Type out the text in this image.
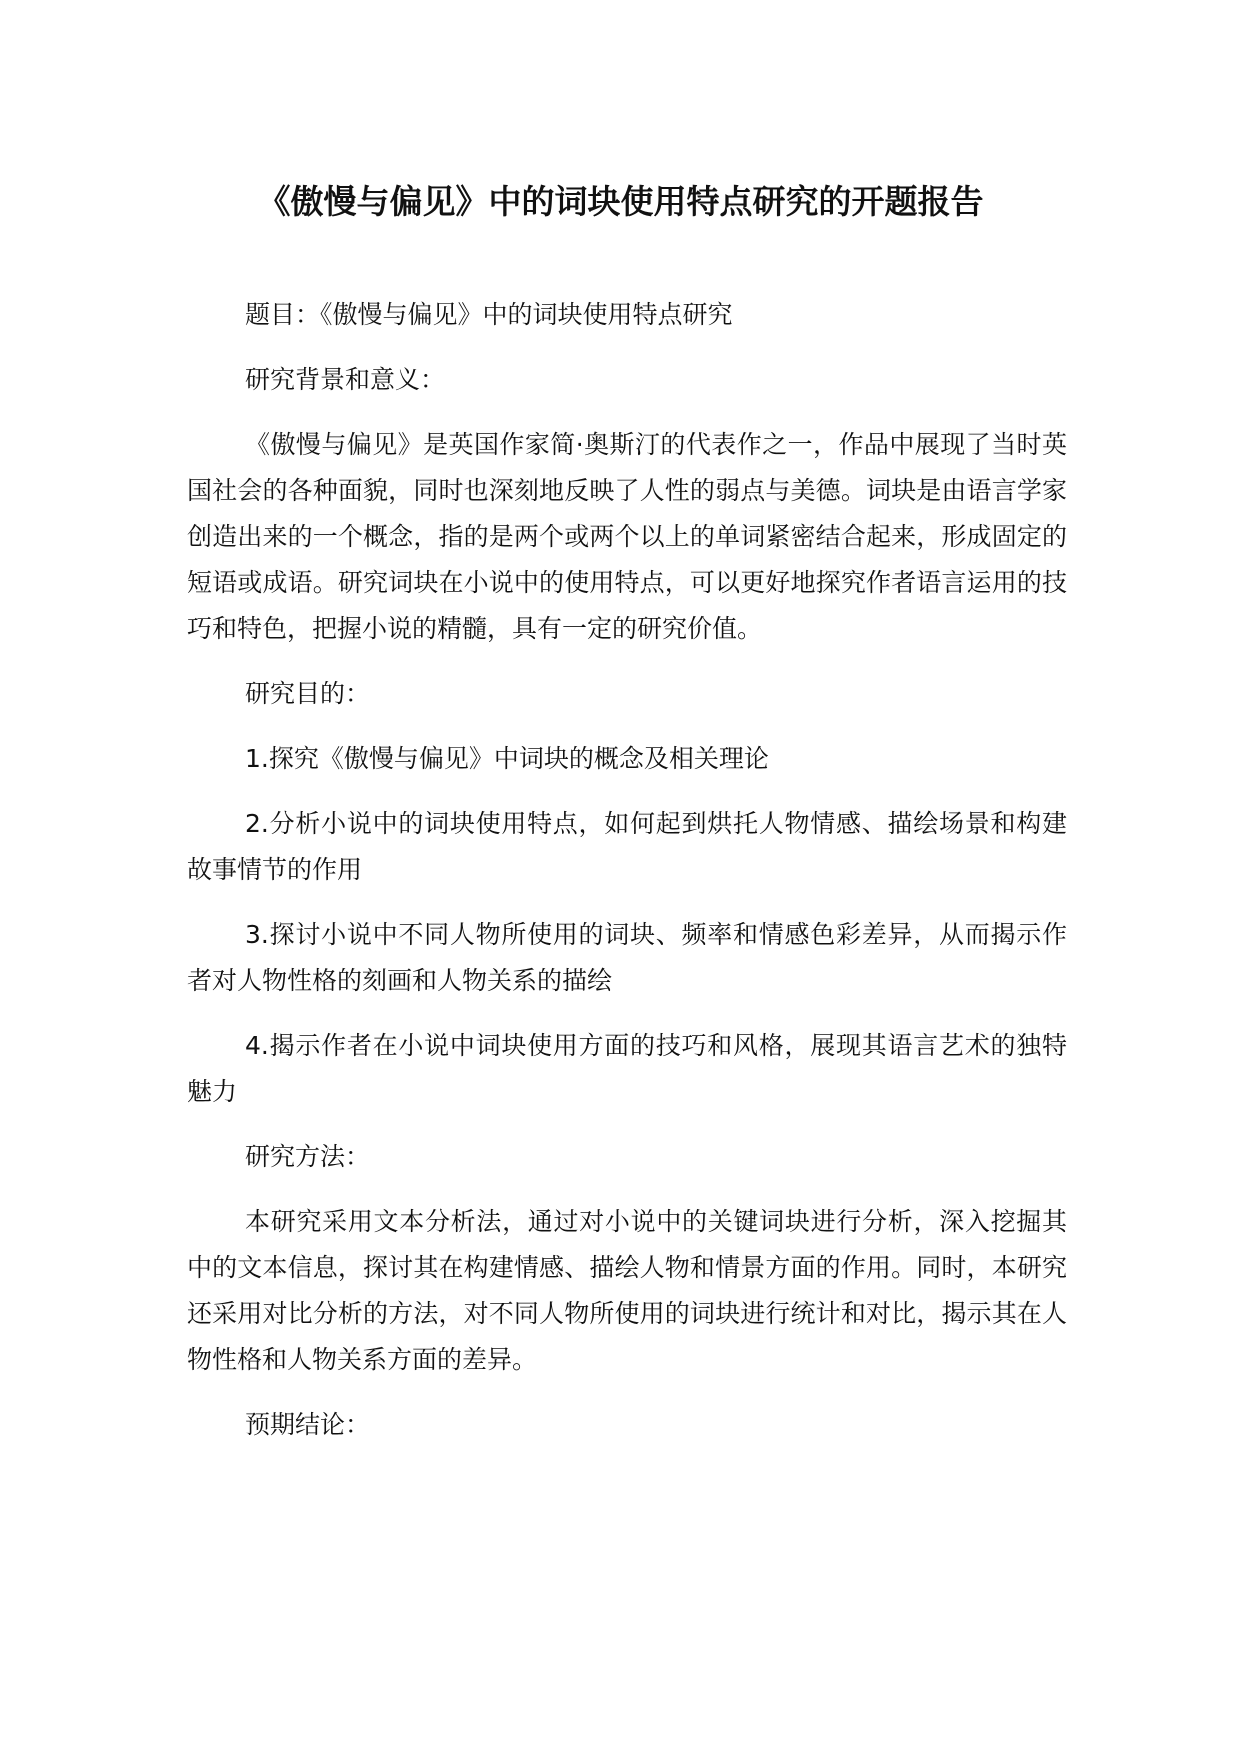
《傲慢与偏见》中的词块使用特点研究的开题报告

题目：《傲慢与偏见》中的词块使用特点研究

研究背景和意义：

《傲慢与偏见》是英国作家简·奥斯汀的代表作之一，作品中展现了当时英国社会的各种面貌，同时也深刻地反映了人性的弱点与美德。词块是由语言学家创造出来的一个概念，指的是两个或两个以上的单词紧密结合起来，形成固定的短语或成语。研究词块在小说中的使用特点，可以更好地探究作者语言运用的技巧和特色，把握小说的精髓，具有一定的研究价值。

研究目的：

1.探究《傲慢与偏见》中词块的概念及相关理论

2.分析小说中的词块使用特点，如何起到烘托人物情感、描绘场景和构建故事情节的作用

3.探讨小说中不同人物所使用的词块、频率和情感色彩差异，从而揭示作者对人物性格的刻画和人物关系的描绘

4.揭示作者在小说中词块使用方面的技巧和风格，展现其语言艺术的独特魅力

研究方法：

本研究采用文本分析法，通过对小说中的关键词块进行分析，深入挖掘其中的文本信息，探讨其在构建情感、描绘人物和情景方面的作用。同时，本研究还采用对比分析的方法，对不同人物所使用的词块进行统计和对比，揭示其在人物性格和人物关系方面的差异。

预期结论：
